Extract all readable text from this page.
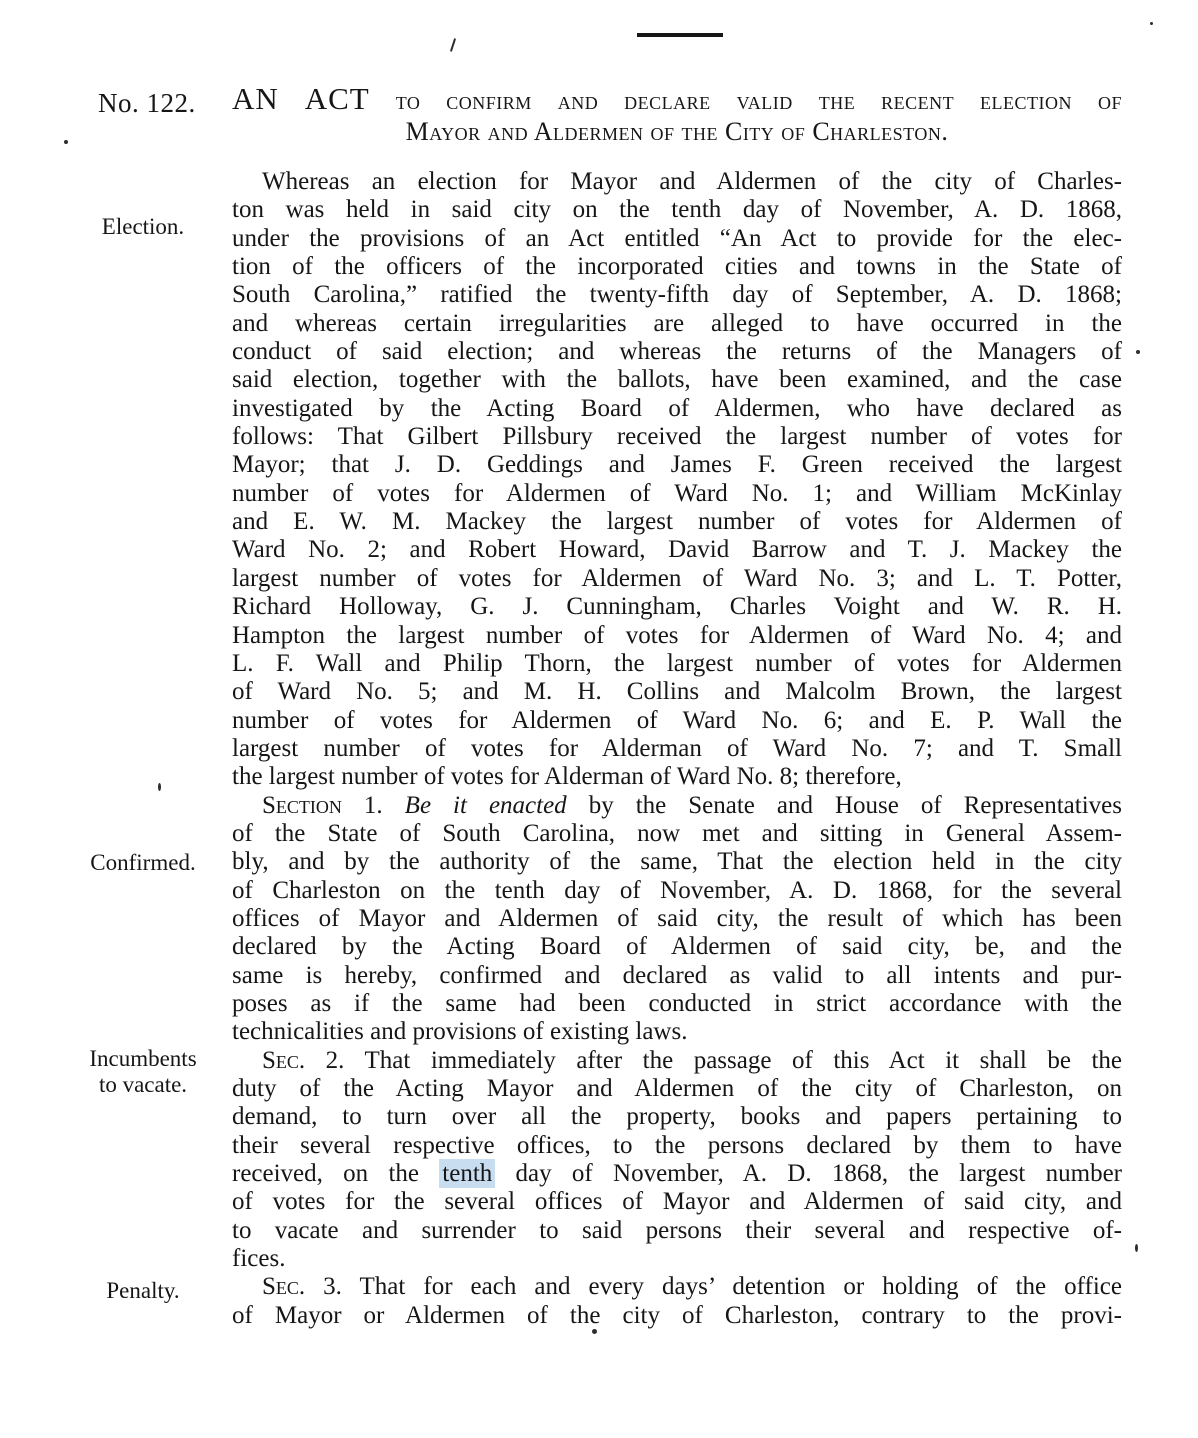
No. 122. AN ACT to confirm and declare valid the recent election of
Mayor and Aldermen of the City of Charleston.
Election.
Confirmed.
Incumbents
to vacate.
Penalty.
Whereas an election for Mayor and Aldermen of the city of Charles-
ton was held in said city on the tenth day of November, A. D. 1868,
under the provisions of an Act entitled “An Act to provide for the elec-
tion of the officers of the incorporated cities and towns in the State of
South Carolina,” ratified the twenty-fifth day of September, A. D. 1868;
and whereas certain irregularities are alleged to have occurred in the
conduct of said election; and whereas the returns of the Managers of
said election, together with the ballots, have been examined, and the case
investigated by the Acting Board of Aldermen, who have declared as
follows: That Gilbert Pillsbury received the largest number of votes for
Mayor; that J. D. Geddings and James F. Green received the largest
number of votes for Aldermen of Ward No. 1; and William McKinlay
and E. W. M. Mackey the largest number of votes for Aldermen of
Ward No. 2; and Robert Howard, David Barrow and T. J. Mackey the
largest number of votes for Aldermen of Ward No. 3; and L. T. Potter,
Richard Holloway, G. J. Cunningham, Charles Voight and W. R. H.
Hampton the largest number of votes for Aldermen of Ward No. 4; and
L. F. Wall and Philip Thorn, the largest number of votes for Aldermen
of Ward No. 5; and M. H. Collins and Malcolm Brown, the largest
number of votes for Aldermen of Ward No. 6; and E. P. Wall the
largest number of votes for Alderman of Ward No. 7; and T. Small
the largest number of votes for Alderman of Ward No. 8; therefore,
Section 1. Be it enacted by the Senate and House of Representatives
of the State of South Carolina, now met and sitting in General Assem-
bly, and by the authority of the same, That the election held in the city
of Charleston on the tenth day of November, A. D. 1868, for the several
offices of Mayor and Aldermen of said city, the result of which has been
declared by the Acting Board of Aldermen of said city, be, and the
same is hereby, confirmed and declared as valid to all intents and pur-
poses as if the same had been conducted in strict accordance with the
technicalities and provisions of existing laws.
Sec. 2. That immediately after the passage of this Act it shall be the
duty of the Acting Mayor and Aldermen of the city of Charleston, on
demand, to turn over all the property, books and papers pertaining to
their several respective offices, to the persons declared by them to have
received, on the tenth day of November, A. D. 1868, the largest number
of votes for the several offices of Mayor and Aldermen of said city, and
to vacate and surrender to said persons their several and respective of-
fices.
Sec. 3. That for each and every days’ detention or holding of the office
of Mayor or Aldermen of the city of Charleston, contrary to the provi-
